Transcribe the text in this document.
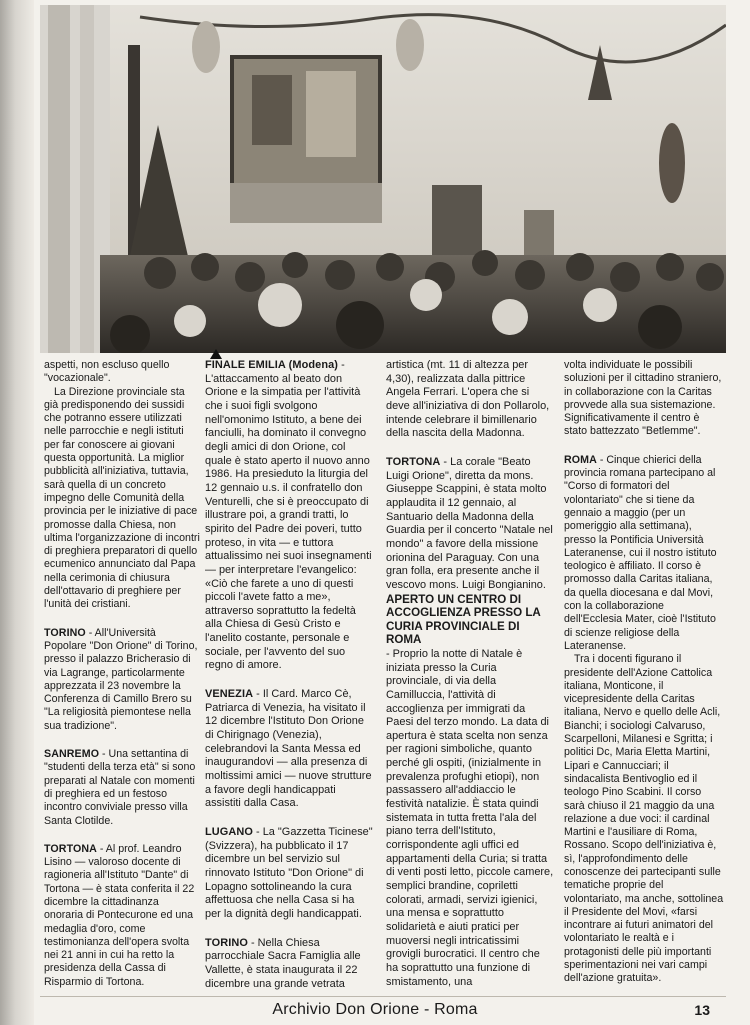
aspetti, non escluso quello "vocazionale".

La Direzione provinciale sta già predisponendo dei sussidi che potranno essere utilizzati nelle parrocchie e negli istituti per far conoscere ai giovani questa opportunità. La miglior pubblicità all'iniziativa, tuttavia, sarà quella di un concreto impegno delle Comunità della provincia per le iniziative di pace promosse dalla Chiesa, non ultima l'organizzazione di incontri di preghiera preparatori di quello ecumenico annunciato dal Papa nella cerimonia di chiusura dell'ottavario di preghiere per l'unità dei cristiani.

TORINO - All'Università Popolare "Don Orione" di Torino, presso il palazzo Bricherasio di via Lagrange, particolarmente apprezzata il 23 novembre la Conferenza di Camillo Brero su "La religiosità piemontese nella sua tradizione".

SANREMO - Una settantina di "studenti della terza età" si sono preparati al Natale con momenti di preghiera ed un festoso incontro conviviale presso villa Santa Clotilde.

TORTONA - Al prof. Leandro Lisino — valoroso docente di ragioneria all'Istituto "Dante" di Tortona — è stata conferita il 22 dicembre la cittadinanza onoraria di Pontecurone ed una medaglia d'oro, come testimonianza dell'opera svolta nei 21 anni in cui ha retto la presidenza della Cassa di Risparmio di Tortona.

FINALE EMILIA (Modena) - L'attaccamento al beato don Orione e la simpatia per l'attività che i suoi figli svolgono nell'omonimo Istituto, a bene dei fanciulli, ha dominato il convegno degli amici di don Orione, col quale è stato aperto il nuovo anno 1986. Ha presieduto la liturgia del 12 gennaio u.s. il confratello don Venturelli, che si è preoccupato di illustrare poi, a grandi tratti, lo spirito del Padre dei poveri, tutto proteso, in vita — e tuttora attualissimo nei suoi insegnamenti — per interpretare l'evangelico: «Ciò che farete a uno di questi piccoli l'avete fatto a me», attraverso soprattutto la fedeltà alla Chiesa di Gesù Cristo e l'anelito costante, personale e sociale, per l'avvento del suo regno di amore.

VENEZIA - Il Card. Marco Cè, Patriarca di Venezia, ha visitato il 12 dicembre l'Istituto Don Orione di Chirignago (Venezia), celebrandovi la Santa Messa ed inaugurandovi — alla presenza di moltissimi amici — nuove strutture a favore degli handicappati assistiti dalla Casa.

LUGANO - La "Gazzetta Ticinese" (Svizzera), ha pubblicato il 17 dicembre un bel servizio sul rinnovato Istituto "Don Orione" di Lopagno sottolineando la cura affettuosa che nella Casa si ha per la dignità degli handicappati.

TORINO - Nella Chiesa parrocchiale Sacra Famiglia alle Vallette, è stata inaugurata il 22 dicembre una grande vetrata

artistica (mt. 11 di altezza per 4,30), realizzata dalla pittrice Angela Ferrari. L'opera che si deve all'iniziativa di don Pollarolo, intende celebrare il bimillenario della nascita della Madonna.

TORTONA - La corale "Beato Luigi Orione", diretta da mons. Giuseppe Scappini, è stata molto applaudita il 12 gennaio, al Santuario della Madonna della Guardia per il concerto "Natale nel mondo" a favore della missione orionina del Paraguay. Con una gran folla, era presente anche il vescovo mons. Luigi Bongianino.

APERTO UN CENTRO DI ACCOGLIENZA PRESSO LA CURIA PROVINCIALE DI ROMA

- Proprio la notte di Natale è iniziata presso la Curia provinciale, di via della Camilluccia, l'attività di accoglienza per immigrati da Paesi del terzo mondo. La data di apertura è stata scelta non senza per ragioni simboliche, quanto perché gli ospiti, (inizialmente in prevalenza profughi etiopi), non passassero all'addiaccio le festività natalizie. È stata quindi sistemata in tutta fretta l'ala del piano terra dell'Istituto, corrispondente agli uffici ed appartamenti della Curia; si tratta di venti posti letto, piccole camere, semplici brandine, copriletti colorati, armadi, servizi igienici, una mensa e soprattutto solidarietà e aiuti pratici per muoversi negli intricatissimi grovigli burocratici. Il centro che ha soprattutto una funzione di smistamento, una

volta individuate le possibili soluzioni per il cittadino straniero, in collaborazione con la Caritas provvede alla sua sistemazione. Significativamente il centro è stato battezzato "Betlemme".

ROMA - Cinque chierici della provincia romana partecipano al "Corso di formatori del volontariato" che si tiene da gennaio a maggio (per un pomeriggio alla settimana), presso la Pontificia Università Lateranense, cui il nostro istituto teologico è affiliato. Il corso è promosso dalla Caritas italiana, da quella diocesana e dal Movi, con la collaborazione dell'Ecclesia Mater, cioè l'Istituto di scienze religiose della Lateranense.

Tra i docenti figurano il presidente dell'Azione Cattolica italiana, Monticone, il vicepresidente della Caritas italiana, Nervo e quello delle Acli, Bianchi; i sociologi Calvaruso, Scarpelloni, Milanesi e Sgritta; i politici Dc, Maria Eletta Martini, Lipari e Cannucciari; il sindacalista Bentivoglio ed il teologo Pino Scabini. Il corso sarà chiuso il 21 maggio da una relazione a due voci: il cardinal Martini e l'ausiliare di Roma, Rossano. Scopo dell'iniziativa è, sì, l'approfondimento delle conoscenze dei partecipanti sulle tematiche proprie del volontariato, ma anche, sottolinea il Presidente del Movi, «farsi incontrare ai futuri animatori del volontariato le realtà e i protagonisti delle più importanti sperimentazioni nei vari campi dell'azione gratuita».

Archivio Don Orione - Roma	13
